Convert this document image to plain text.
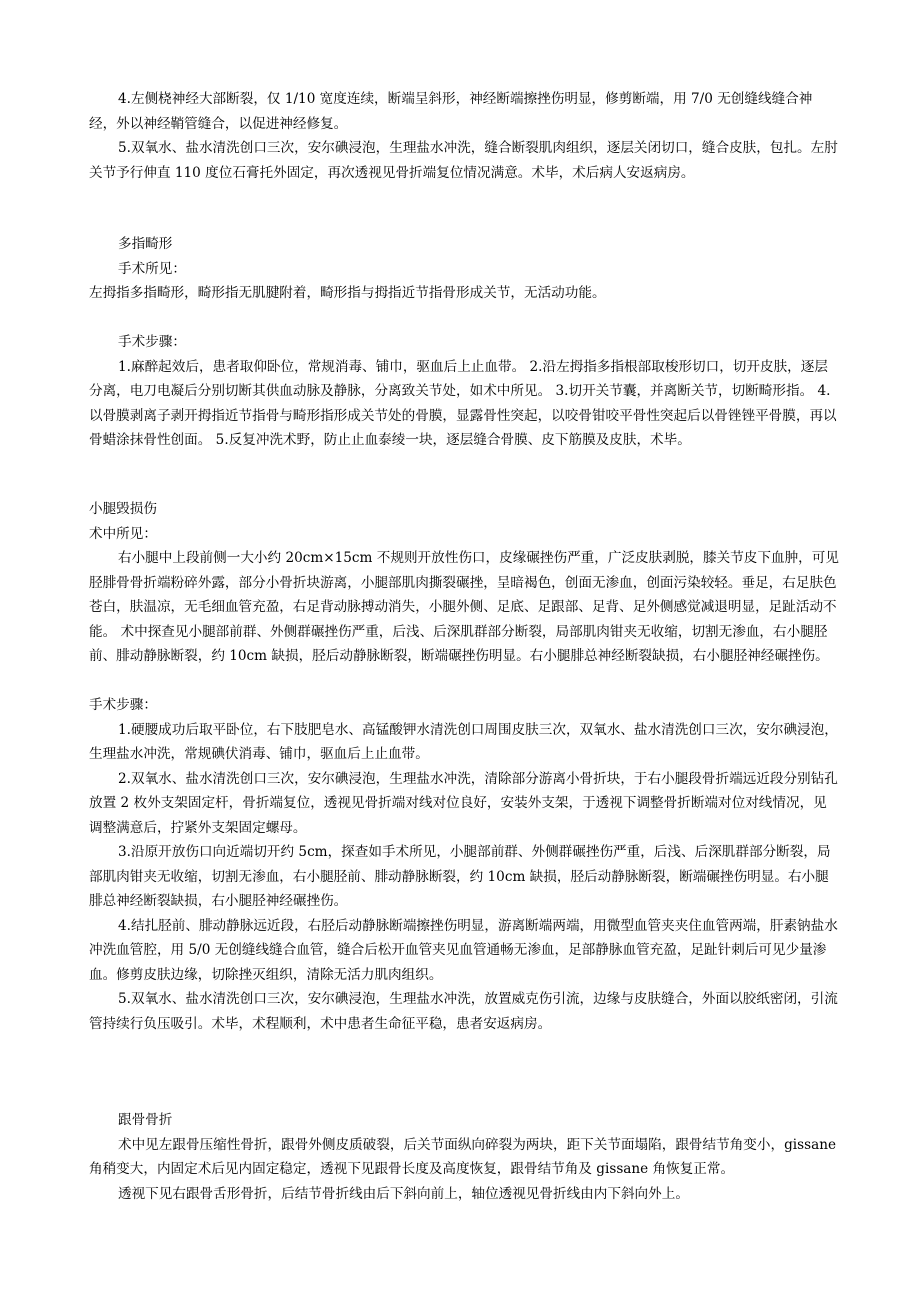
4.左侧桡神经大部断裂，仅 1/10 宽度连续，断端呈斜形，神经断端擦挫伤明显，修剪断端，用 7/0 无创缝线缝合神经，外以神经鞘管缝合，以促进神经修复。

5.双氧水、盐水清洗创口三次，安尔碘浸泡，生理盐水冲洗，缝合断裂肌肉组织，逐层关闭切口，缝合皮肤，包扎。左肘关节予行伸直 110 度位石膏托外固定，再次透视见骨折端复位情况满意。术毕，术后病人安返病房。

多指畸形

手术所见：

左拇指多指畸形，畸形指无肌腱附着，畸形指与拇指近节指骨形成关节，无活动功能。

手术步骤：

1.麻醉起效后，患者取仰卧位，常规消毒、铺巾，驱血后上止血带。 2.沿左拇指多指根部取梭形切口，切开皮肤，逐层分离，电刀电凝后分别切断其供血动脉及静脉，分离致关节处，如术中所见。 3.切开关节囊，并离断关节，切断畸形指。 4.以骨膜剥离子剥开拇指近节指骨与畸形指形成关节处的骨膜，显露骨性突起，以咬骨钳咬平骨性突起后以骨锉锉平骨膜，再以骨蜡涂抹骨性创面。 5.反复冲洗术野，防止止血泰绫一块，逐层缝合骨膜、皮下筋膜及皮肤，术毕。

小腿毁损伤

术中所见：

右小腿中上段前侧一大小约 20cm×15cm 不规则开放性伤口，皮缘碾挫伤严重，广泛皮肤剥脱，膝关节皮下血肿，可见胫腓骨骨折端粉碎外露，部分小骨折块游离，小腿部肌肉撕裂碾挫，呈暗褐色，创面无渗血，创面污染较轻。垂足，右足肤色苍白，肤温凉，无毛细血管充盈，右足背动脉搏动消失，小腿外侧、足底、足跟部、足背、足外侧感觉减退明显，足趾活动不能。 术中探查见小腿部前群、外侧群碾挫伤严重，后浅、后深肌群部分断裂，局部肌肉钳夹无收缩，切割无渗血，右小腿胫前、腓动静脉断裂，约 10cm 缺损，胫后动静脉断裂，断端碾挫伤明显。右小腿腓总神经断裂缺损，右小腿胫神经碾挫伤。

手术步骤：

1.硬腰成功后取平卧位，右下肢肥皂水、高锰酸钾水清洗创口周围皮肤三次，双氧水、盐水清洗创口三次，安尔碘浸泡，生理盐水冲洗，常规碘伏消毒、铺巾，驱血后上止血带。

2.双氧水、盐水清洗创口三次，安尔碘浸泡，生理盐水冲洗，清除部分游离小骨折块，于右小腿段骨折端远近段分别钻孔放置 2 枚外支架固定杆，骨折端复位，透视见骨折端对线对位良好，安装外支架，于透视下调整骨折断端对位对线情况，见调整满意后，拧紧外支架固定螺母。

3.沿原开放伤口向近端切开约 5cm，探查如手术所见，小腿部前群、外侧群碾挫伤严重，后浅、后深肌群部分断裂，局部肌肉钳夹无收缩，切割无渗血，右小腿胫前、腓动静脉断裂，约 10cm 缺损，胫后动静脉断裂，断端碾挫伤明显。右小腿腓总神经断裂缺损，右小腿胫神经碾挫伤。

4.结扎胫前、腓动静脉远近段，右胫后动静脉断端擦挫伤明显，游离断端两端，用微型血管夹夹住血管两端，肝素钠盐水冲洗血管腔，用 5/0 无创缝线缝合血管，缝合后松开血管夹见血管通畅无渗血，足部静脉血管充盈，足趾针刺后可见少量渗血。修剪皮肤边缘，切除挫灭组织，清除无活力肌肉组织。

5.双氧水、盐水清洗创口三次，安尔碘浸泡，生理盐水冲洗，放置威克伤引流，边缘与皮肤缝合，外面以胶纸密闭，引流管持续行负压吸引。术毕，术程顺利，术中患者生命征平稳，患者安返病房。

跟骨骨折

术中见左跟骨压缩性骨折，跟骨外侧皮质破裂，后关节面纵向碎裂为两块，距下关节面塌陷，跟骨结节角变小，gissane 角稍变大，内固定术后见内固定稳定，透视下见跟骨长度及高度恢复，跟骨结节角及 gissane 角恢复正常。

透视下见右跟骨舌形骨折，后结节骨折线由后下斜向前上，轴位透视见骨折线由内下斜向外上。
